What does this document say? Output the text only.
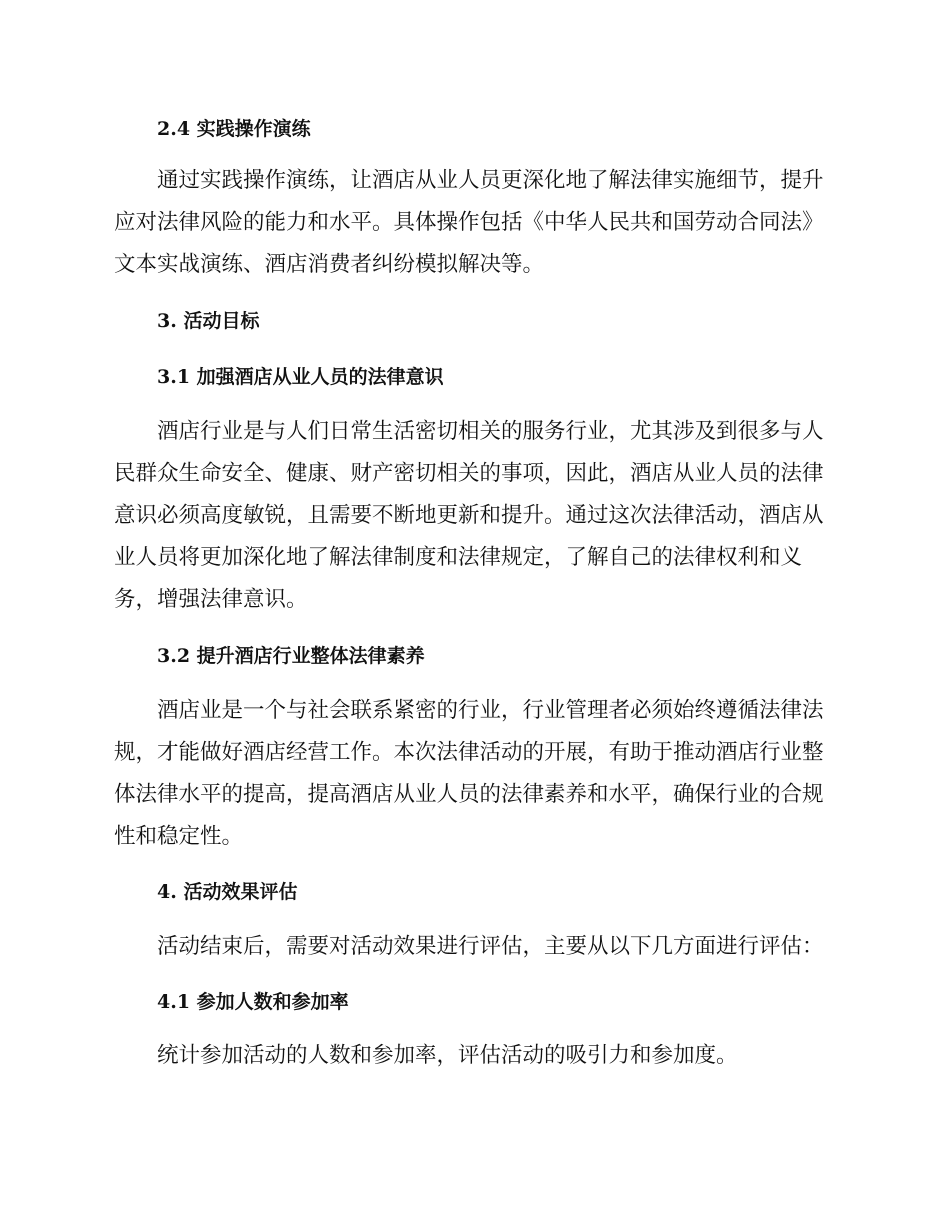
2.4 实践操作演练
通过实践操作演练，让酒店从业人员更深化地了解法律实施细节，提升
应对法律风险的能力和水平。具体操作包括《中华人民共和国劳动合同法》
文本实战演练、酒店消费者纠纷模拟解决等。
3. 活动目标
3.1 加强酒店从业人员的法律意识
酒店行业是与人们日常生活密切相关的服务行业，尤其涉及到很多与人
民群众生命安全、健康、财产密切相关的事项，因此，酒店从业人员的法律
意识必须高度敏锐，且需要不断地更新和提升。通过这次法律活动，酒店从
业人员将更加深化地了解法律制度和法律规定，了解自己的法律权利和义
务，增强法律意识。
3.2 提升酒店行业整体法律素养
酒店业是一个与社会联系紧密的行业，行业管理者必须始终遵循法律法
规，才能做好酒店经营工作。本次法律活动的开展，有助于推动酒店行业整
体法律水平的提高，提高酒店从业人员的法律素养和水平，确保行业的合规
性和稳定性。
4. 活动效果评估
活动结束后，需要对活动效果进行评估，主要从以下几方面进行评估：
4.1 参加人数和参加率
统计参加活动的人数和参加率，评估活动的吸引力和参加度。
